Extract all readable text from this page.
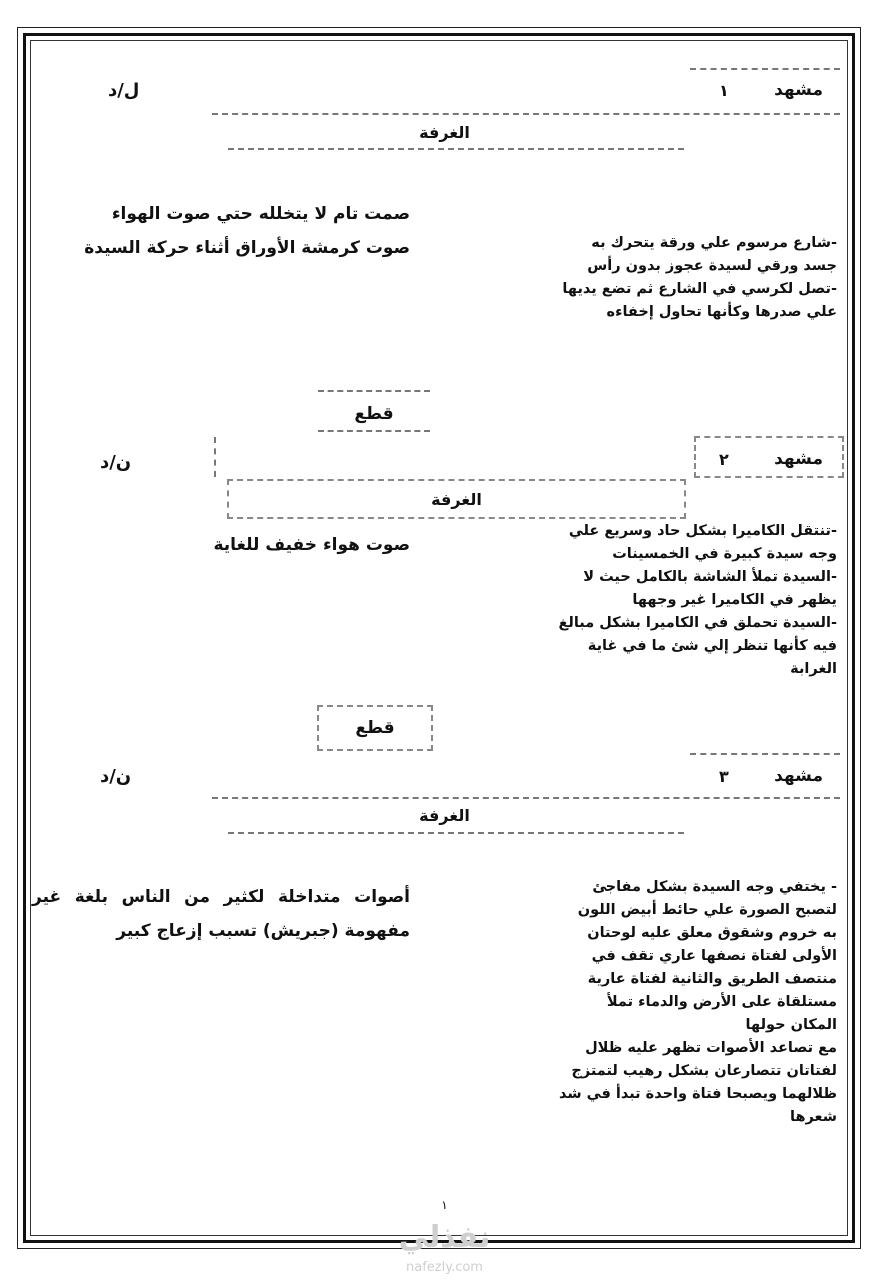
مشهد
١
ل/د
الغرفة
صمت تام لا يتخلله حتي صوت الهواء
صوت كرمشة الأوراق أثناء حركة السيدة	-شارع مرسوم علي ورقة يتحرك به
جسد ورقي لسيدة عجوز بدون رأس
-تصل لكرسي في الشارع ثم تضع يديها
علي صدرها وكأنها تحاول إخفاءه
قطع
مشهد
٢
ن/د
الغرفة
صوت هواء خفيف للغاية
-تنتقل الكاميرا بشكل حاد وسريع علي
وجه سيدة كبيرة في الخمسينات
-السيدة تملأ الشاشة بالكامل حيث لا
يظهر في الكاميرا غير وجهها
-السيدة تحملق في الكاميرا بشكل مبالغ
فيه كأنها تنظر إلي شئ ما في غاية
الغرابة
قطع
مشهد
٣
ن/د
الغرفة
أصوات متداخلة لكثير من الناس بلغة غير
مفهومة (جبريش) تسبب إزعاج كبير
- يختفي وجه السيدة بشكل مفاجئ
لتصبح الصورة علي حائط أبيض اللون
به خروم وشقوق معلق عليه لوحتان
الأولى لفتاة نصفها عاري تقف في
منتصف الطريق والثانية لفتاة عارية
مستلقاة على الأرض والدماء تملأ
المكان حولها
مع تصاعد الأصوات تظهر عليه ظلال
لفتاتان تتصارعان بشكل رهيب لتمتزج
ظلالهما ويصبحا فتاة واحدة تبدأ في شد
شعرها
١
نفذلي
nafezly.com
